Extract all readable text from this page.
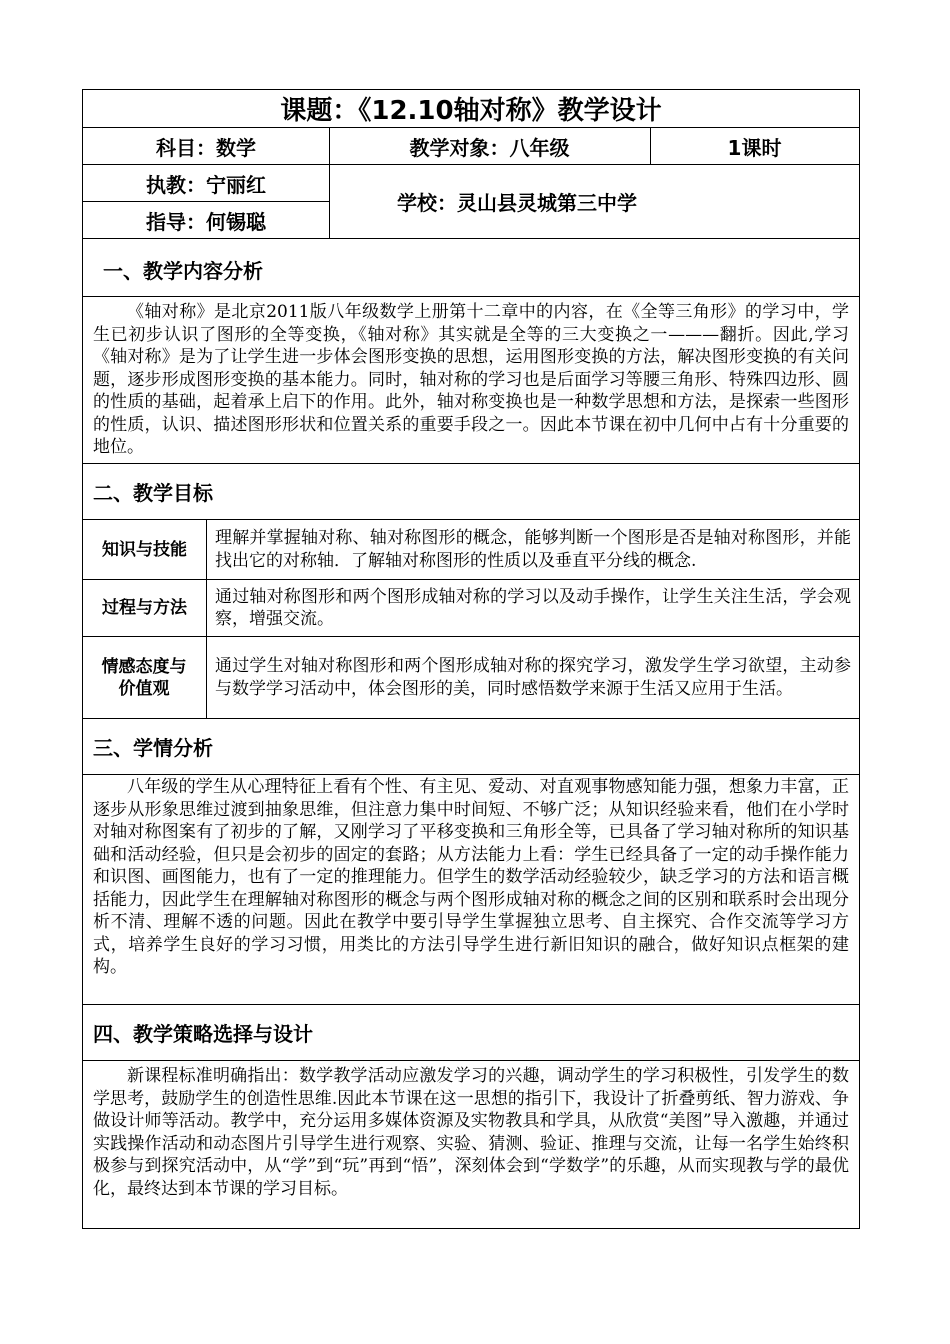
课题：《12.10轴对称》教学设计
科目：数学	教学对象：八年级	1课时
执教：宁丽红
指导：何锡聪
学校：灵山县灵城第三中学
一、教学内容分析
《轴对称》是北京2011版八年级数学上册第十二章中的内容，在《全等三角形》的学习中，学生已初步认识了图形的全等变换，《轴对称》其实就是全等的三大变换之一———翻折。因此,学习《轴对称》是为了让学生进一步体会图形变换的思想，运用图形变换的方法，解决图形变换的有关问题，逐步形成图形变换的基本能力。同时，轴对称的学习也是后面学习等腰三角形、特殊四边形、圆的性质的基础，起着承上启下的作用。此外，轴对称变换也是一种数学思想和方法，是探索一些图形的性质，认识、描述图形形状和位置关系的重要手段之一。因此本节课在初中几何中占有十分重要的地位。
二、教学目标
知识与技能
理解并掌握轴对称、轴对称图形的概念，能够判断一个图形是否是轴对称图形，并能找出它的对称轴．了解轴对称图形的性质以及垂直平分线的概念.
过程与方法
通过轴对称图形和两个图形成轴对称的学习以及动手操作，让学生关注生活，学会观察，增强交流。
情感态度与价值观
通过学生对轴对称图形和两个图形成轴对称的探究学习，激发学生学习欲望，主动参与数学学习活动中，体会图形的美，同时感悟数学来源于生活又应用于生活。
三、学情分析
八年级的学生从心理特征上看有个性、有主见、爱动、对直观事物感知能力强，想象力丰富，正逐步从形象思维过渡到抽象思维，但注意力集中时间短、不够广泛；从知识经验来看，他们在小学时对轴对称图案有了初步的了解，又刚学习了平移变换和三角形全等，已具备了学习轴对称所的知识基础和活动经验，但只是会初步的固定的套路；从方法能力上看：学生已经具备了一定的动手操作能力和识图、画图能力，也有了一定的推理能力。但学生的数学活动经验较少，缺乏学习的方法和语言概括能力，因此学生在理解轴对称图形的概念与两个图形成轴对称的概念之间的区别和联系时会出现分析不清、理解不透的问题。因此在教学中要引导学生掌握独立思考、自主探究、合作交流等学习方式，培养学生良好的学习习惯，用类比的方法引导学生进行新旧知识的融合，做好知识点框架的建构。
四、教学策略选择与设计
新课程标准明确指出：数学教学活动应激发学习的兴趣，调动学生的学习积极性，引发学生的数学思考，鼓励学生的创造性思维.因此本节课在这一思想的指引下，我设计了折叠剪纸、智力游戏、争做设计师等活动。教学中，充分运用多媒体资源及实物教具和学具，从欣赏“美图”导入激趣，并通过实践操作活动和动态图片引导学生进行观察、实验、猜测、验证、推理与交流，让每一名学生始终积极参与到探究活动中，从“学”到“玩”再到“悟”，深刻体会到“学数学”的乐趣，从而实现教与学的最优化，最终达到本节课的学习目标。
